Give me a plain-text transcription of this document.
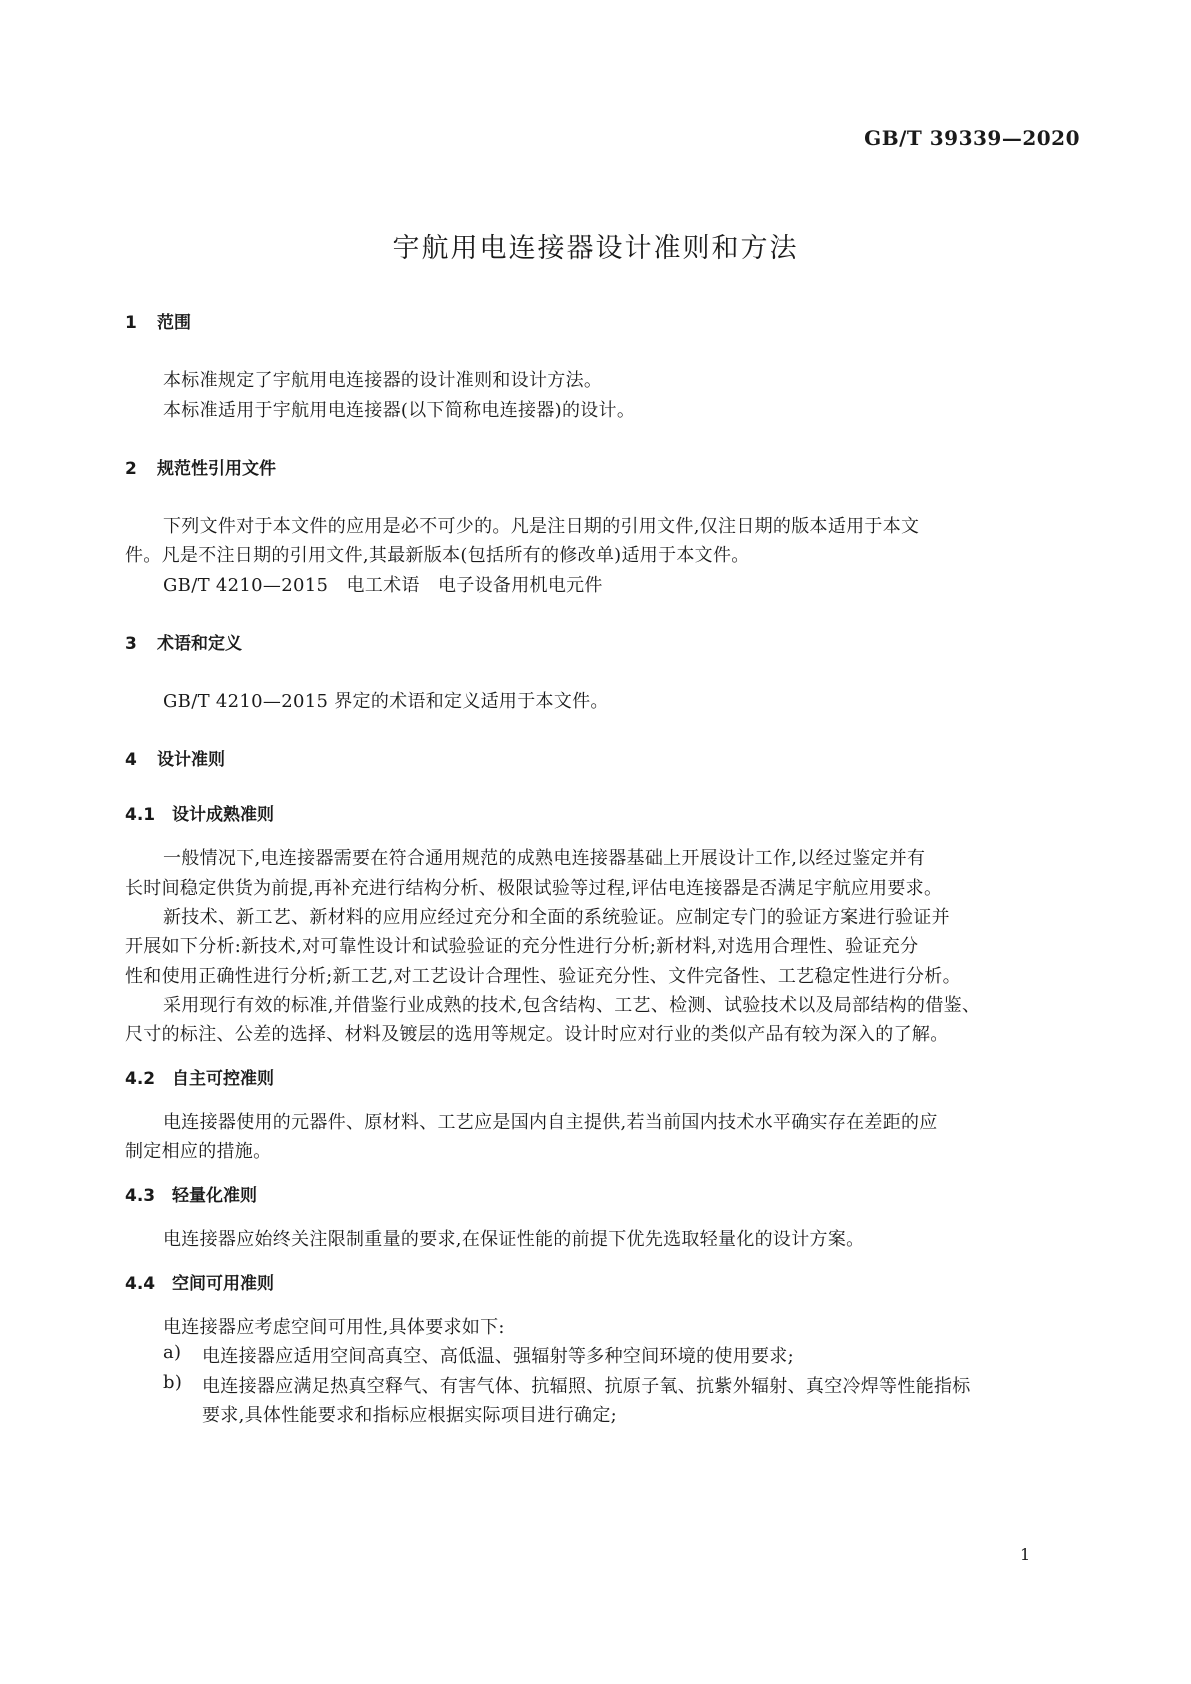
GB/T 39339—2020
宇航用电连接器设计准则和方法
1 范围
本标准规定了宇航用电连接器的设计准则和设计方法。
本标准适用于宇航用电连接器(以下简称电连接器)的设计。
2 规范性引用文件
下列文件对于本文件的应用是必不可少的。凡是注日期的引用文件,仅注日期的版本适用于本文
件。凡是不注日期的引用文件,其最新版本(包括所有的修改单)适用于本文件。
GB/T 4210—2015　电工术语　电子设备用机电元件
3 术语和定义
GB/T 4210—2015 界定的术语和定义适用于本文件。
4 设计准则
4.1 设计成熟准则
一般情况下,电连接器需要在符合通用规范的成熟电连接器基础上开展设计工作,以经过鉴定并有
长时间稳定供货为前提,再补充进行结构分析、极限试验等过程,评估电连接器是否满足宇航应用要求。
新技术、新工艺、新材料的应用应经过充分和全面的系统验证。应制定专门的验证方案进行验证并
开展如下分析:新技术,对可靠性设计和试验验证的充分性进行分析;新材料,对选用合理性、验证充分
性和使用正确性进行分析;新工艺,对工艺设计合理性、验证充分性、文件完备性、工艺稳定性进行分析。
采用现行有效的标准,并借鉴行业成熟的技术,包含结构、工艺、检测、试验技术以及局部结构的借鉴、
尺寸的标注、公差的选择、材料及镀层的选用等规定。设计时应对行业的类似产品有较为深入的了解。
4.2 自主可控准则
电连接器使用的元器件、原材料、工艺应是国内自主提供,若当前国内技术水平确实存在差距的应
制定相应的措施。
4.3 轻量化准则
电连接器应始终关注限制重量的要求,在保证性能的前提下优先选取轻量化的设计方案。
4.4 空间可用准则
电连接器应考虑空间可用性,具体要求如下:
a) 电连接器应适用空间高真空、高低温、强辐射等多种空间环境的使用要求;
b) 电连接器应满足热真空释气、有害气体、抗辐照、抗原子氧、抗紫外辐射、真空冷焊等性能指标
要求,具体性能要求和指标应根据实际项目进行确定;
1
